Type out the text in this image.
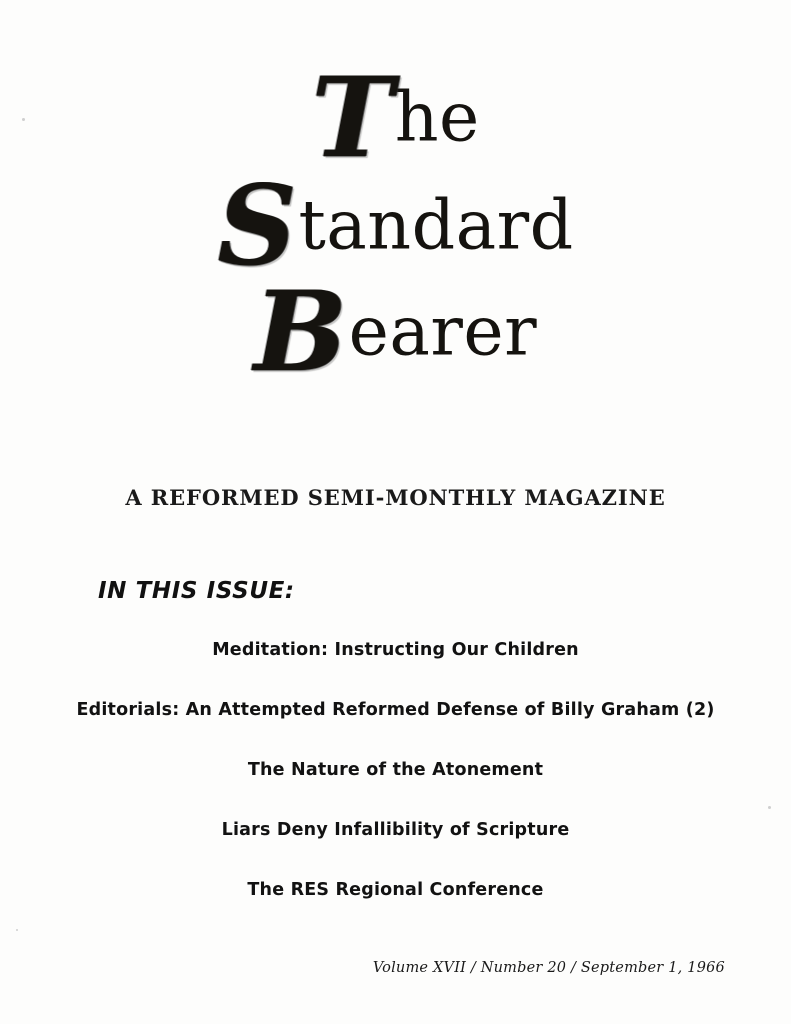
The
Standard
Bearer
A REFORMED SEMI-MONTHLY MAGAZINE
IN THIS ISSUE:
Meditation: Instructing Our Children
Editorials: An Attempted Reformed Defense of Billy Graham (2)
The Nature of the Atonement
Liars Deny Infallibility of Scripture
The RES Regional Conference
Volume XVII / Number 20 / September 1, 1966
